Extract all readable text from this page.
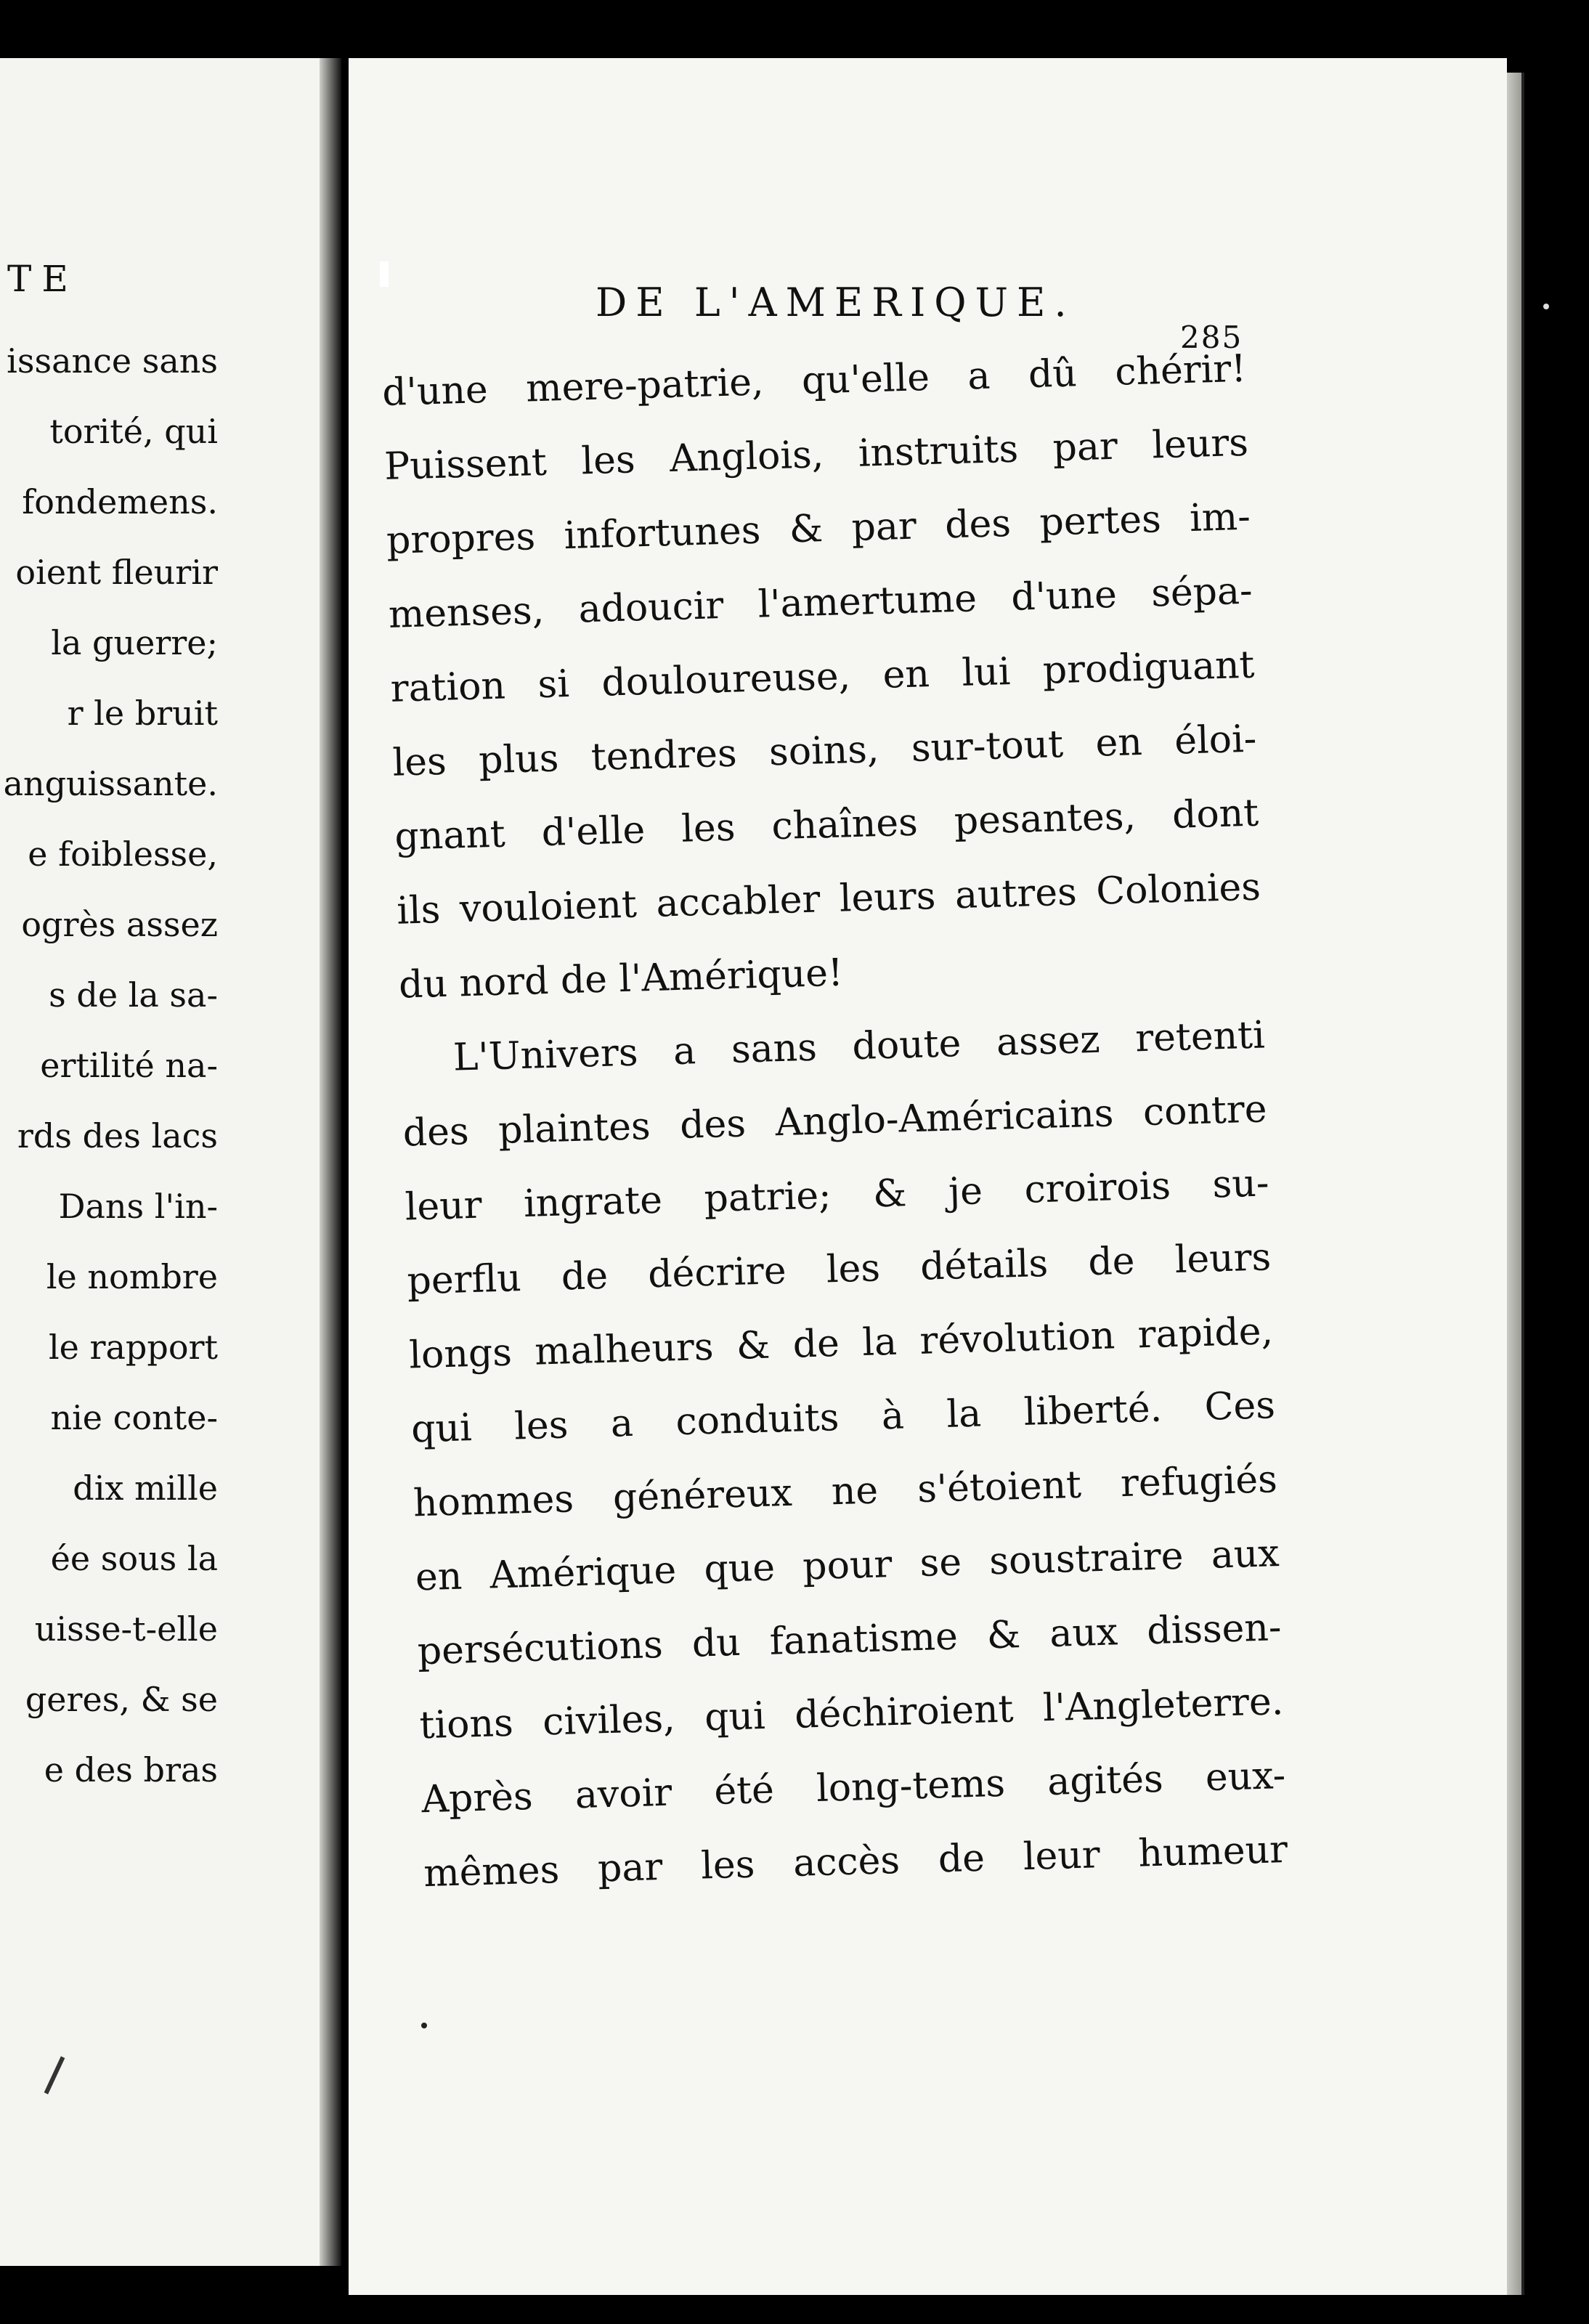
TE
issance sans
torité, qui
fondemens.
oient fleurir
la guerre;
r le bruit
anguissante.
e foiblesse,
ogrès assez
s de la sa-
ertilité na-
rds des lacs
Dans l'in-
le nombre
le rapport
nie conte-
dix mille
ée sous la
uisse-t-elle
geres, & se
e des bras
DE L'AMERIQUE.
285
d'une mere-patrie, qu'elle a dû chérir!
Puissent les Anglois, instruits par leurs
propres infortunes & par des pertes im-
menses, adoucir l'amertume d'une sépa-
ration si douloureuse, en lui prodiguant
les plus tendres soins, sur-tout en éloi-
gnant d'elle les chaînes pesantes, dont
ils vouloient accabler leurs autres Colonies
du nord de l'Amérique!
L'Univers a sans doute assez retenti
des plaintes des Anglo-Américains contre
leur ingrate patrie; & je croirois su-
perflu de décrire les détails de leurs
longs malheurs & de la révolution rapide,
qui les a conduits à la liberté. Ces
hommes généreux ne s'étoient refugiés
en Amérique que pour se soustraire aux
persécutions du fanatisme & aux dissen-
tions civiles, qui déchiroient l'Angleterre.
Après avoir été long-tems agités eux-
mêmes par les accès de leur humeur
